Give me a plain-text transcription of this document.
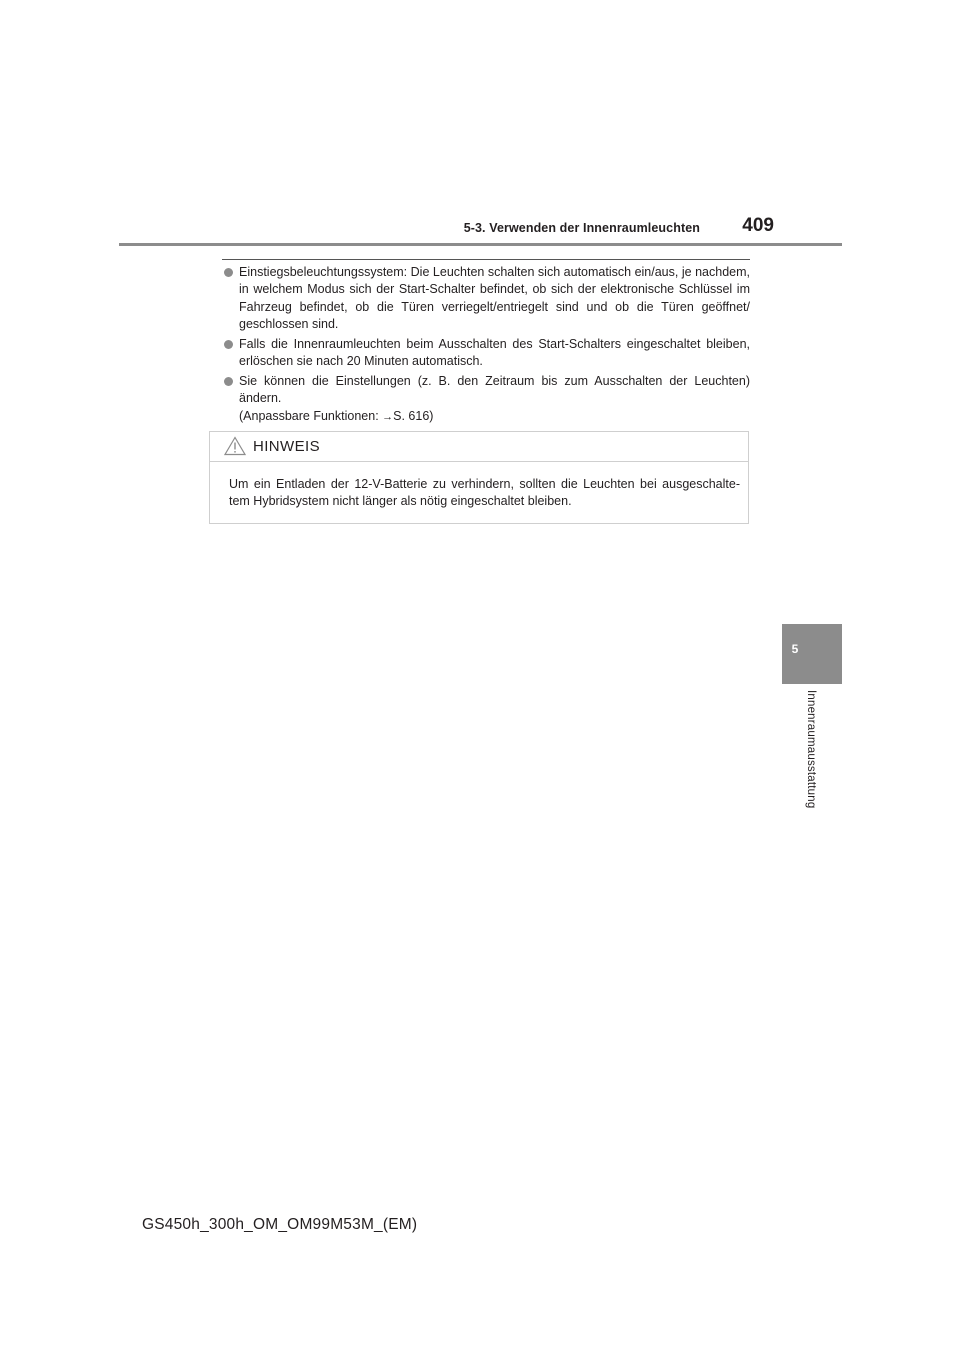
5-3. Verwenden der Innenraumleuchten	409
5
Innenraumausstattung
Einstiegsbeleuchtungssystem: Die Leuchten schalten sich automatisch ein/aus, je nachdem, in welchem Modus sich der Start-Schalter befindet, ob sich der elektronische Schlüssel im Fahrzeug befindet, ob die Türen verriegelt/entriegelt sind und ob die Türen geöffnet/ geschlossen sind.
Falls die Innenraumleuchten beim Ausschalten des Start-Schalters eingeschaltet bleiben, erlöschen sie nach 20 Minuten automatisch.
Sie können die Einstellungen (z. B. den Zeitraum bis zum Ausschalten der Leuchten) ändern.
(Anpassbare Funktionen: →S. 616)
HINWEIS

Um ein Entladen der 12-V-Batterie zu verhindern, sollten die Leuchten bei ausgeschalte- tem Hybridsystem nicht länger als nötig eingeschaltet bleiben.

GS450h_300h_OM_OM99M53M_(EM)
